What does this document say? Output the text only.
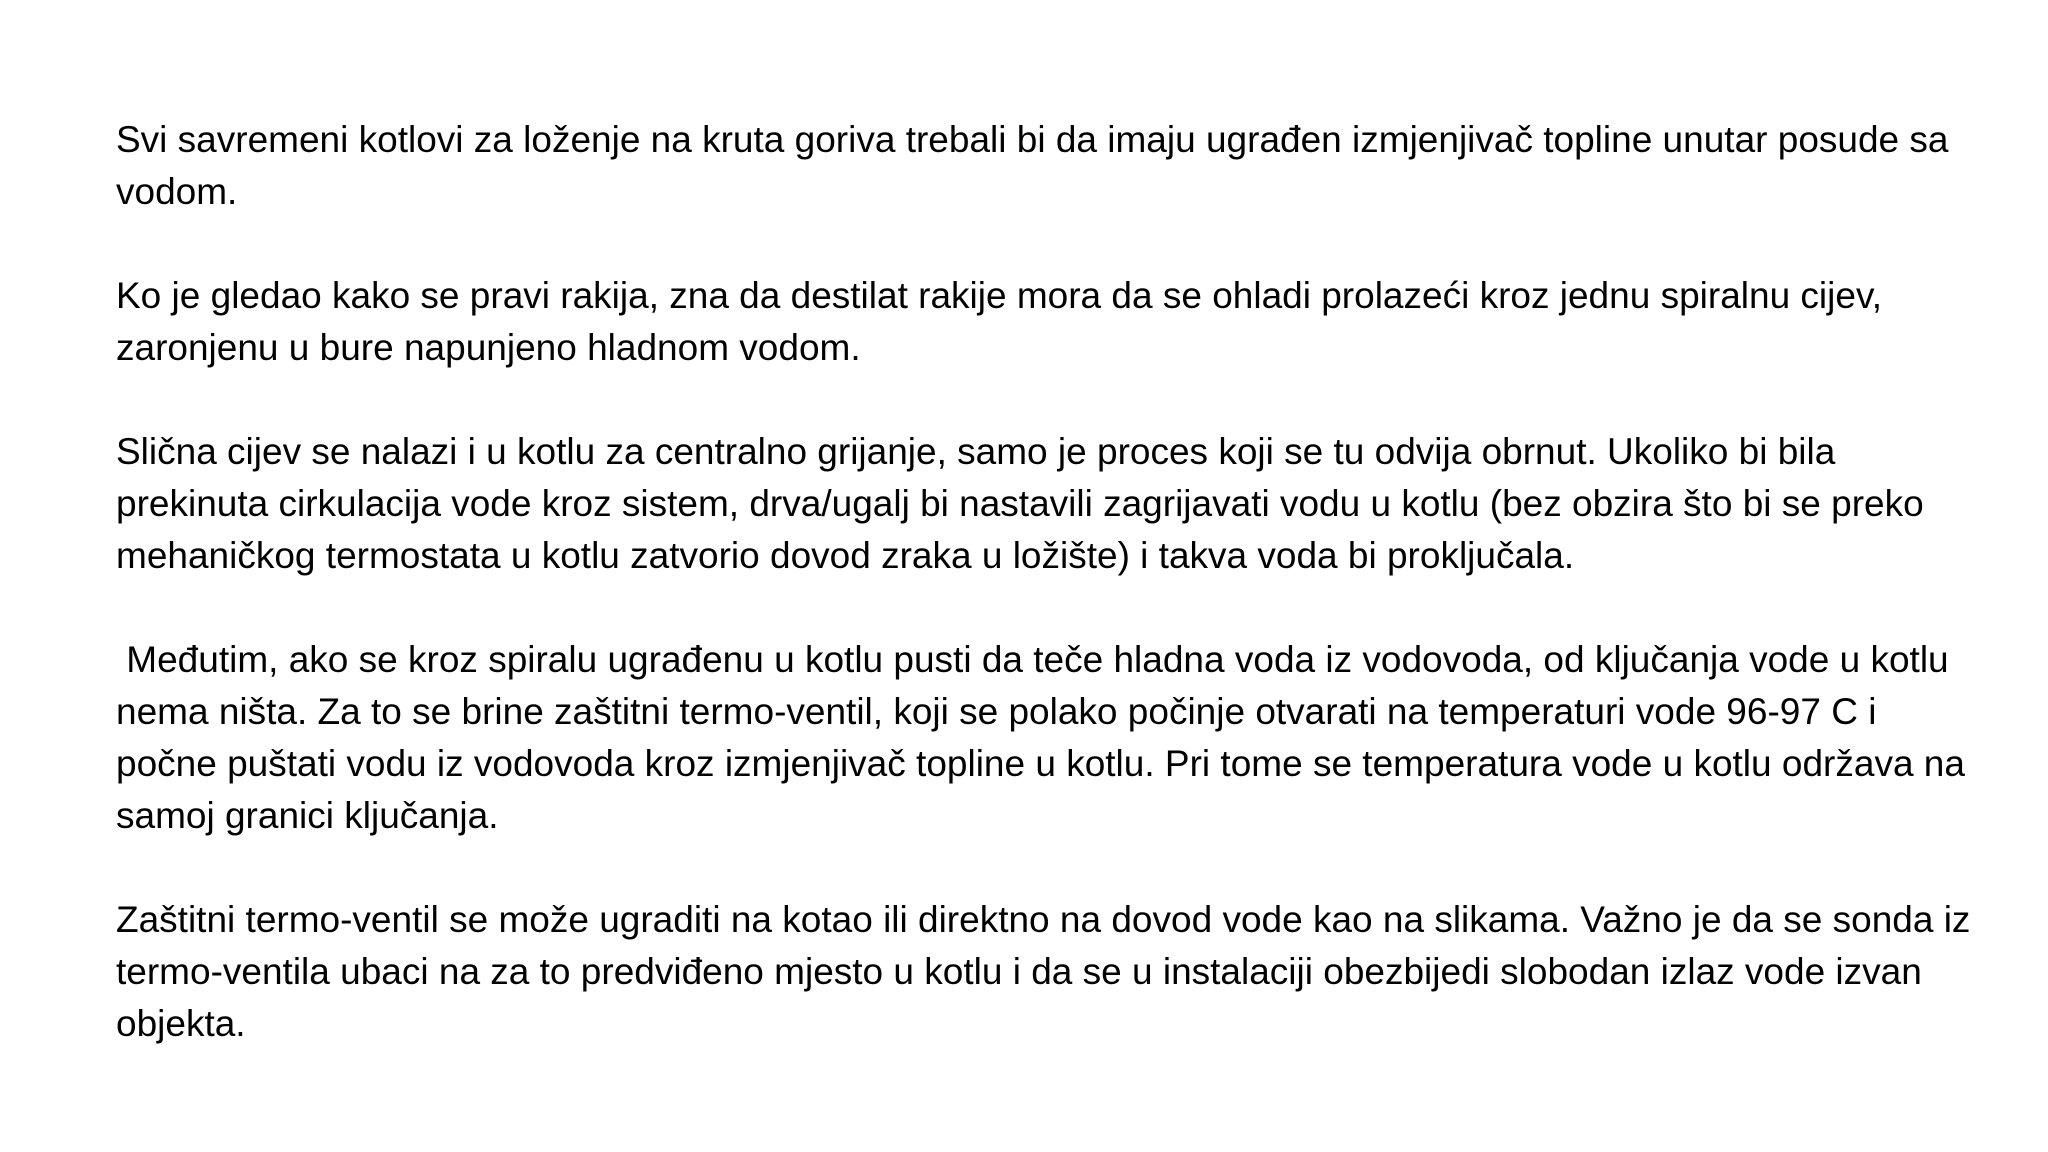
Svi savremeni kotlovi za loženje na kruta goriva trebali bi da imaju ugrađen izmjenjivač topline unutar posude sa vodom.

Ko je gledao kako se pravi rakija, zna da destilat rakije mora da se ohladi prolazeći kroz jednu spiralnu cijev, zaronjenu u bure napunjeno hladnom vodom.

Slična cijev se nalazi i u kotlu za centralno grijanje, samo je proces koji se tu odvija obrnut. Ukoliko bi bila prekinuta cirkulacija vode kroz sistem, drva/ugalj bi nastavili zagrijavati vodu u kotlu (bez obzira što bi se preko mehaničkog termostata u kotlu zatvorio dovod zraka u ložište) i takva voda bi proključala.

Međutim, ako se kroz spiralu ugrađenu u kotlu pusti da teče hladna voda iz vodovoda, od ključanja vode u kotlu nema ništa. Za to se brine zaštitni termo-ventil, koji se polako počinje otvarati na temperaturi vode 96-97 C i počne puštati vodu iz vodovoda kroz izmjenjivač topline u kotlu. Pri tome se temperatura vode u kotlu održava na samoj granici ključanja.

Zaštitni termo-ventil se može ugraditi na kotao ili direktno na dovod vode kao na slikama. Važno je da se sonda iz termo-ventila ubaci na za to predviđeno mjesto u kotlu i da se u instalaciji obezbijedi slobodan izlaz vode izvan objekta.
